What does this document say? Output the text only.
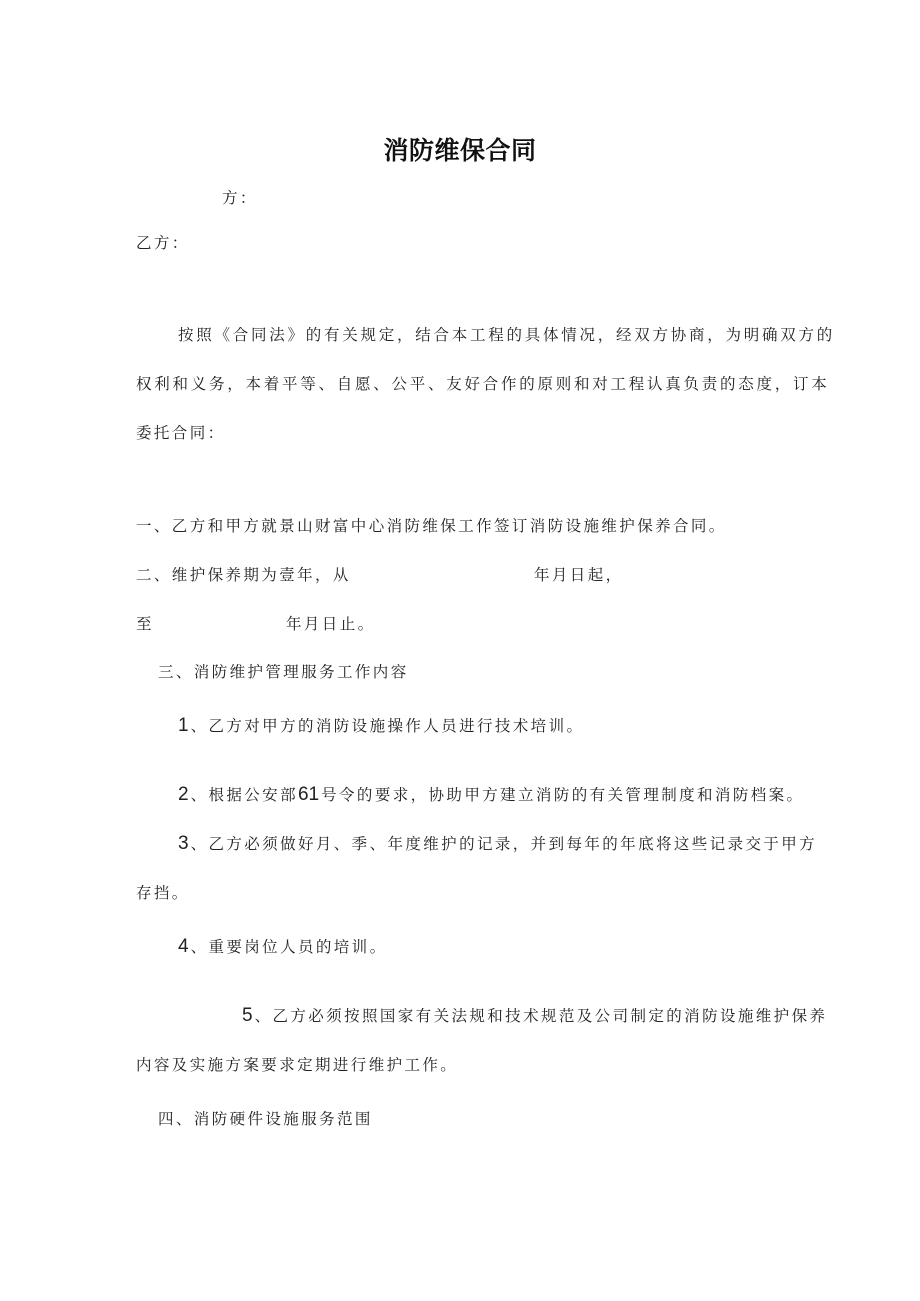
消防维保合同
方：
乙方：
按照《合同法》的有关规定，结合本工程的具体情况，经双方协商，为明确双方的
权利和义务，本着平等、自愿、公平、友好合作的原则和对工程认真负责的态度，订本
委托合同：
一、乙方和甲方就景山财富中心消防维保工作签订消防设施维护保养合同。
二、维护保养期为壹年，从	年月日起，
至	年月日止。
三、消防维护管理服务工作内容
1 、乙方对甲方的消防设施操作人员进行技术培训。
2 、根据公安部61 号令的要求，协助甲方建立消防的有关管理制度和消防档案。
3 、乙方必须做好月、季、年度维护的记录，并到每年的年底将这些记录交于甲方
存挡。
4 、重要岗位人员的培训。
5 、乙方必须按照国家有关法规和技术规范及公司制定的消防设施维护保养
内容及实施方案要求定期进行维护工作。
四、消防硬件设施服务范围
